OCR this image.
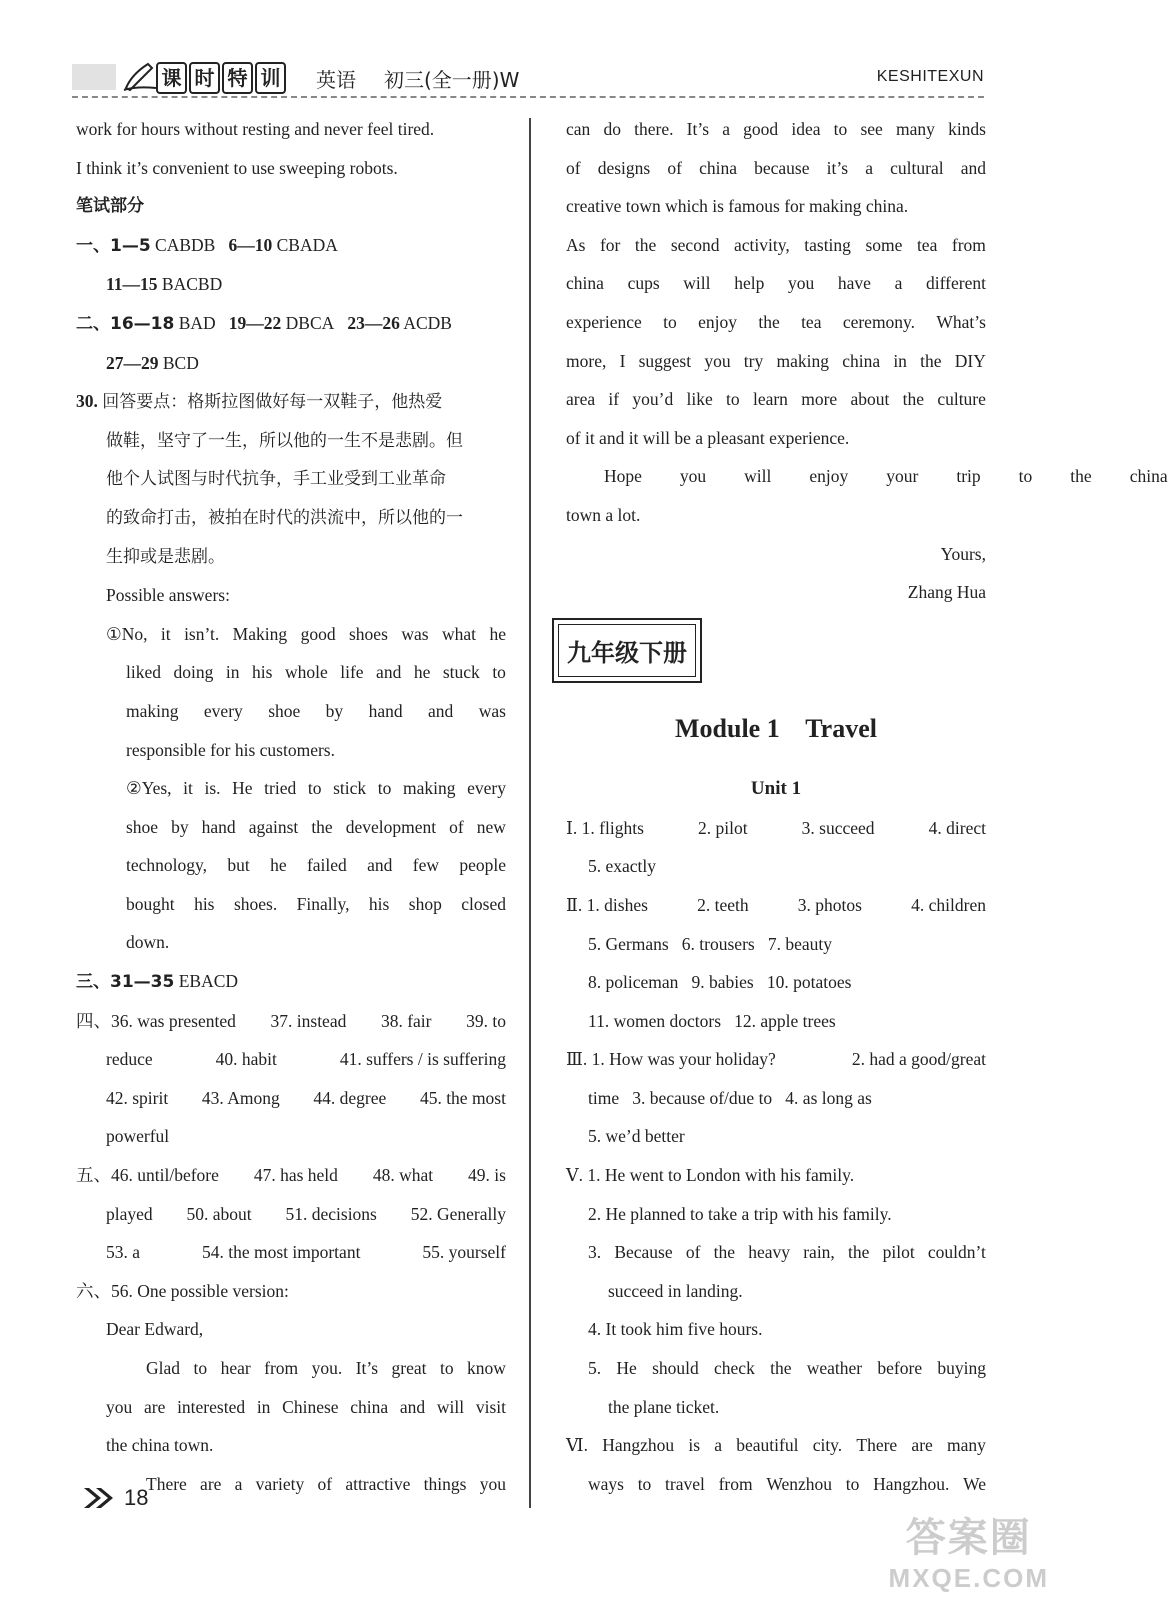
课 时 特 训 英语 初三(全一册)W	KESHITEXUN
work for hours without resting and never feel tired.
I think it’s convenient to use sweeping robots.
笔试部分
一、1—5 CABDB 6—10 CBADA
11—15 BACBD
二、16—18 BAD 19—22 DBCA 23—26 ACDB
27—29 BCD
30. 回答要点：格斯拉图做好每一双鞋子，他热爱
做鞋，坚守了一生，所以他的一生不是悲剧。但
他个人试图与时代抗争，手工业受到工业革命
的致命打击，被拍在时代的洪流中，所以他的一
生抑或是悲剧。
Possible answers:
①No, it isn’t. Making good shoes was what he
liked doing in his whole life and he stuck to
making every shoe by hand and was
responsible for his customers.
②Yes, it is. He tried to stick to making every
shoe by hand against the development of new
technology, but he failed and few people
bought his shoes. Finally, his shop closed
down.
三、31—35 EBACD
四、36. was presented 37. instead 38. fair 39. to
reduce	40. habit	41. suffers / is suffering
42. spirit 43. Among 44. degree 45. the most
powerful
五、46. until/before 47. has held 48. what 49. is
played 50. about 51. decisions 52. Generally
53. a	54. the most important	55. yourself
六、56. One possible version:
Dear Edward,
Glad to hear from you. It’s great to know
you are interested in Chinese china and will visit
the china town.
There are a variety of attractive things you
can do there. It’s a good idea to see many kinds
of designs of china because it’s a cultural and
creative town which is famous for making china.
As for the second activity, tasting some tea from
china cups will help you have a different
experience to enjoy the tea ceremony. What’s
more, I suggest you try making china in the DIY
area if you’d like to learn more about the culture
of it and it will be a pleasant experience.
Hope	you	will	enjoy	your	trip	to	the	china
town a lot.
Yours,
Zhang Hua
九年级下册
Module 1    Travel
Unit 1
Ⅰ. 1. flights	2. pilot	3. succeed	4. direct
5. exactly
Ⅱ. 1. dishes	2. teeth	3. photos	4. children
5. Germans   6. trousers   7. beauty
8. policeman   9. babies   10. potatoes
11. women doctors   12. apple trees
Ⅲ. 1. How was your holiday?	2. had a good/great
time   3. because of/due to   4. as long as
5. we’d better
Ⅴ. 1. He went to London with his family.
2. He planned to take a trip with his family.
3. Because of the heavy rain, the pilot couldn’t
succeed in landing.
4. It took him five hours.
5. He should check the weather before buying
the plane ticket.
Ⅵ. Hangzhou is a beautiful city. There are many
ways to travel from Wenzhou to Hangzhou. We
18
答案圈
MXQE.COM
